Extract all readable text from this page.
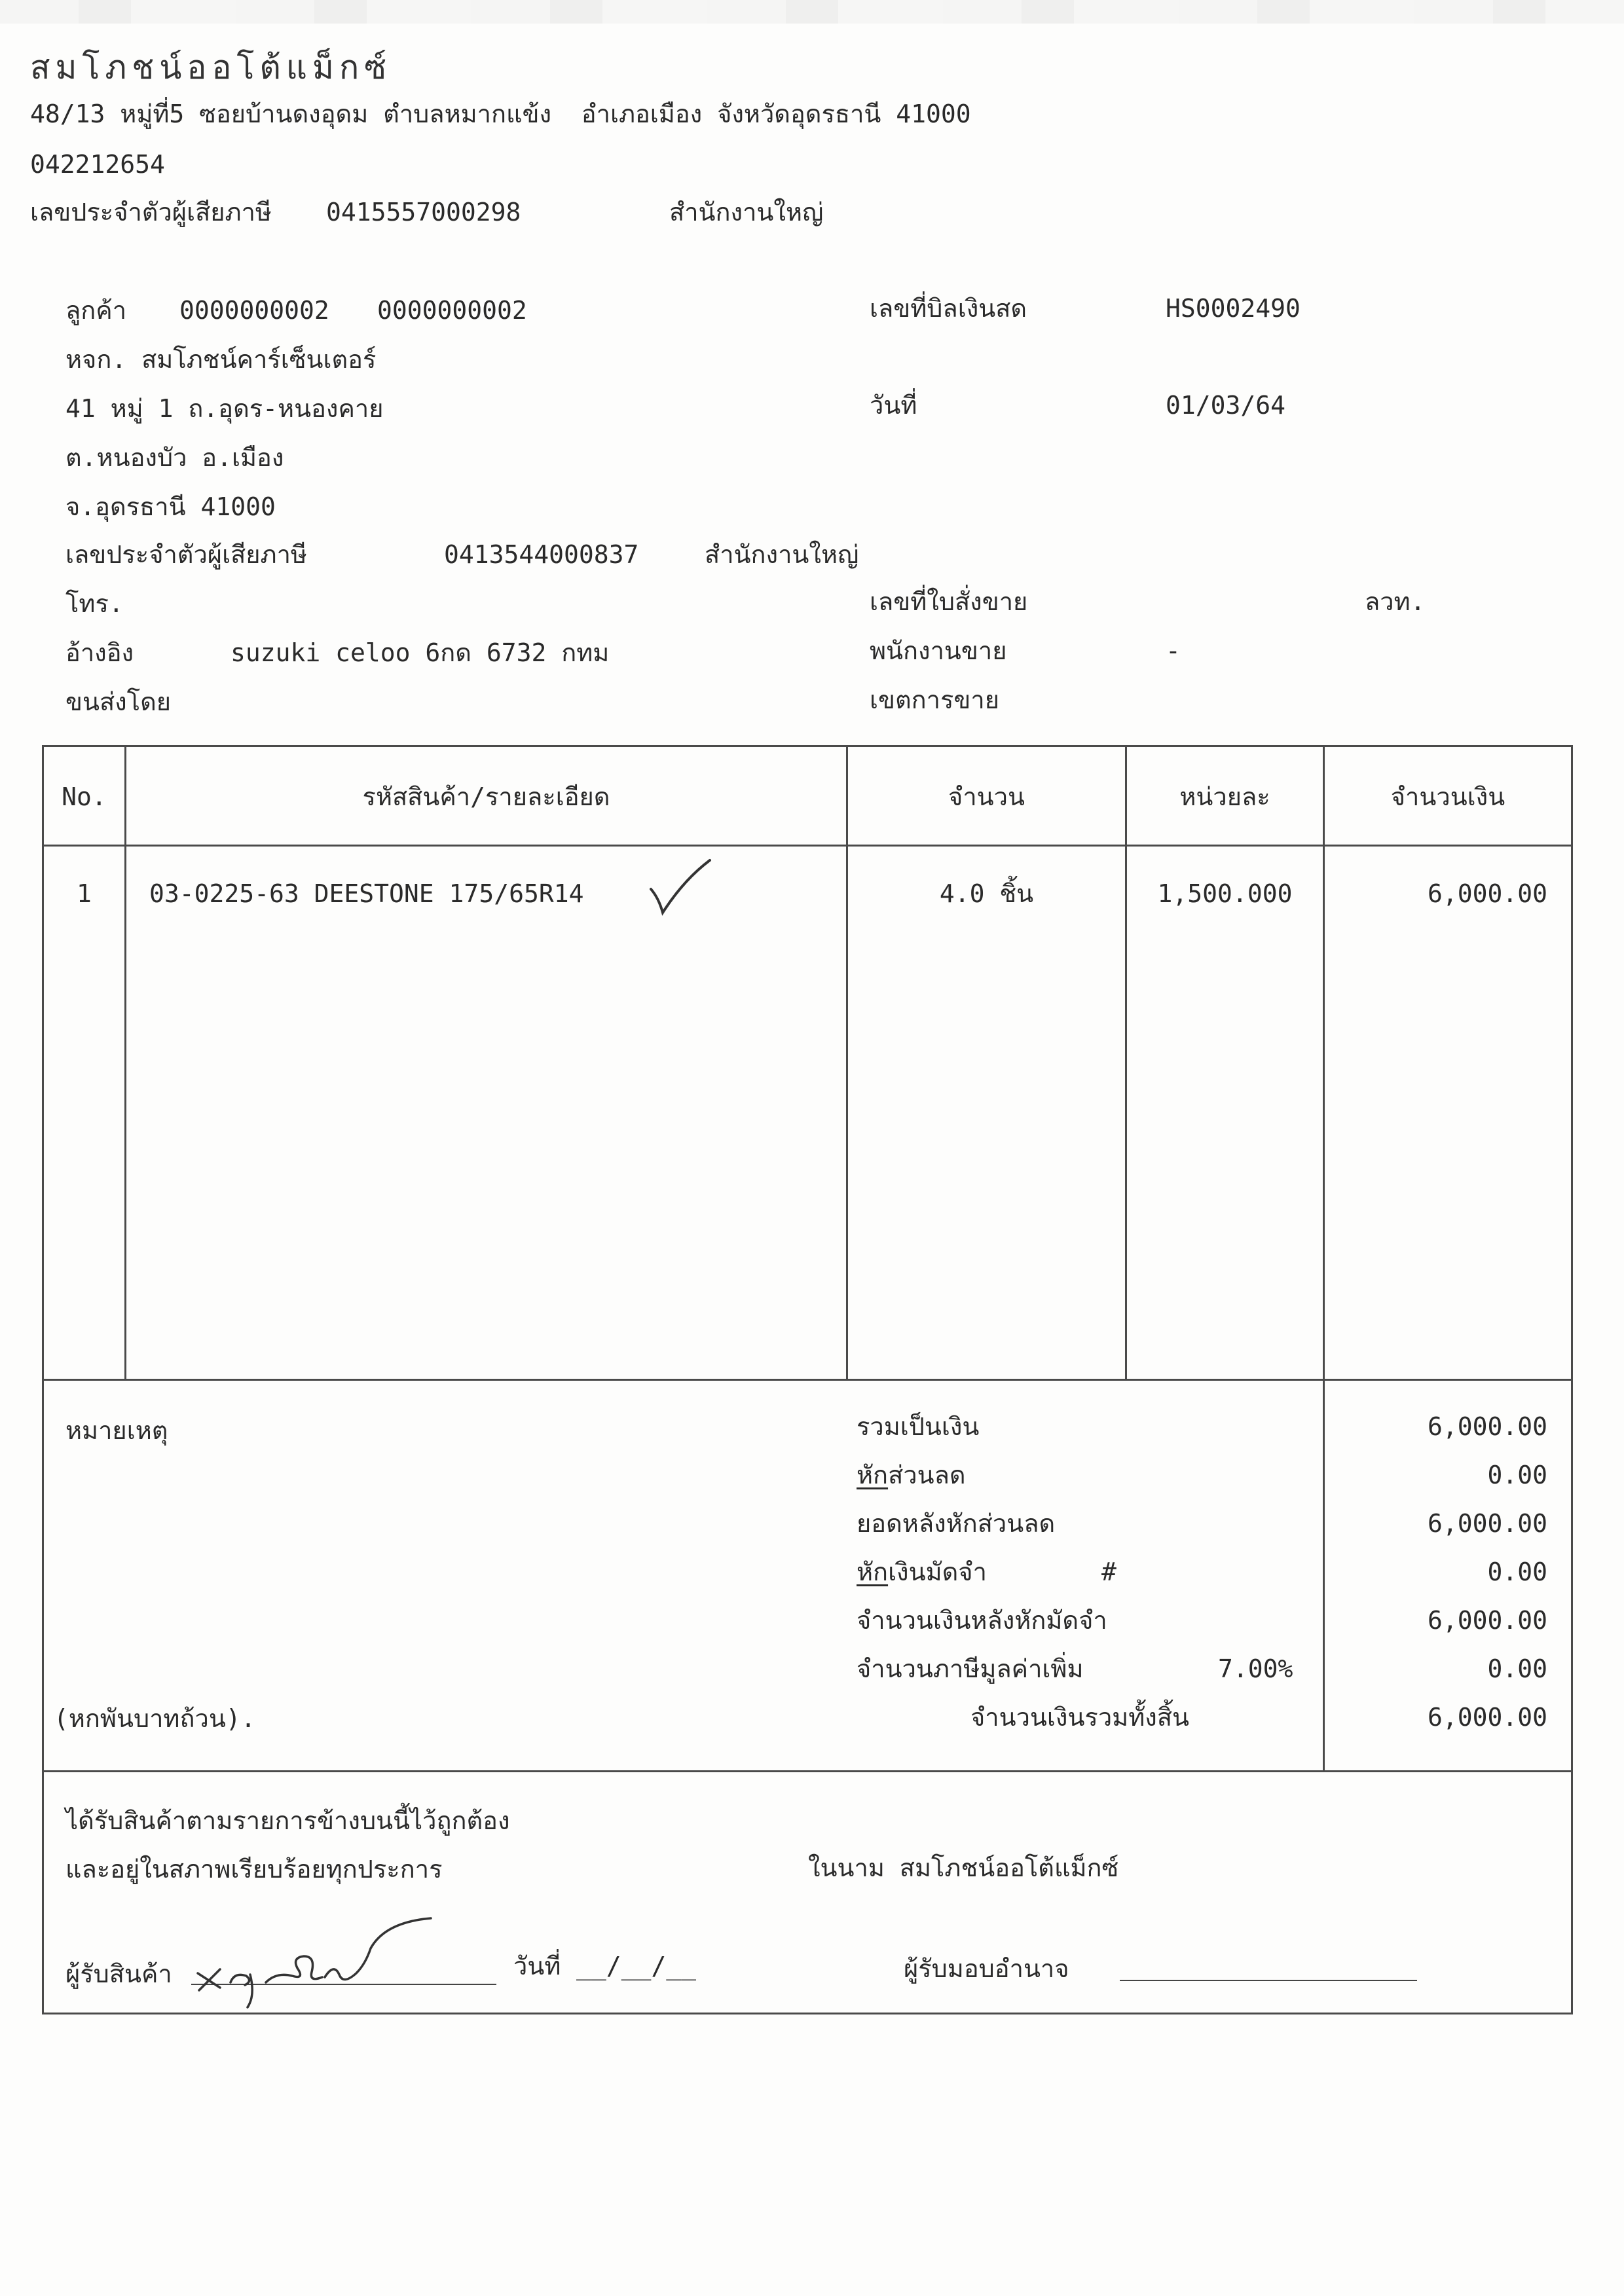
สมโภชน์ออโต้แม็กซ์
48/13 หมู่ที่5 ซอยบ้านดงอุดม ตำบลหมากแข้ง  อำเภอเมือง จังหวัดอุดรธานี 41000
042212654
เลขประจำตัวผู้เสียภาษี 0415557000298	สำนักงานใหญ่
ลูกค้า 0000000002 0000000002
หจก. สมโภชน์คาร์เซ็นเตอร์
41 หมู่ 1 ถ.อุดร-หนองคาย
ต.หนองบัว อ.เมือง
จ.อุดรธานี 41000
เลขประจำตัวผู้เสียภาษี	0413544000837	สำนักงานใหญ่
โทร.
อ้างอิง	suzuki celoo 6กด 6732 กทม
ขนส่งโดย
เลขที่บิลเงินสด	HS0002490
วันที่	01/03/64
เลขที่ใบสั่งขาย	ลวท.
พนักงานขาย	-
เขตการขาย
No.	รหัสสินค้า/รายละเอียด	จำนวน	หน่วยละ	จำนวนเงิน
1	03-0225-63 DEESTONE 175/65R14	4.0 ชิ้น	1,500.000	6,000.00
หมายเหตุ	รวมเป็นเงิน	6,000.00
หักส่วนลด	0.00
ยอดหลังหักส่วนลด	6,000.00
หักเงินมัดจำ	#	0.00
จำนวนเงินหลังหักมัดจำ	6,000.00
จำนวนภาษีมูลค่าเพิ่ม	7.00%	0.00
(หกพันบาทถ้วน).	จำนวนเงินรวมทั้งสิ้น	6,000.00
ได้รับสินค้าตามรายการข้างบนนี้ไว้ถูกต้อง
และอยู่ในสภาพเรียบร้อยทุกประการ	ในนาม สมโภชน์ออโต้แม็กซ์
ผู้รับสินค้า	วันที่ __/__/__	ผู้รับมอบอำนาจ
